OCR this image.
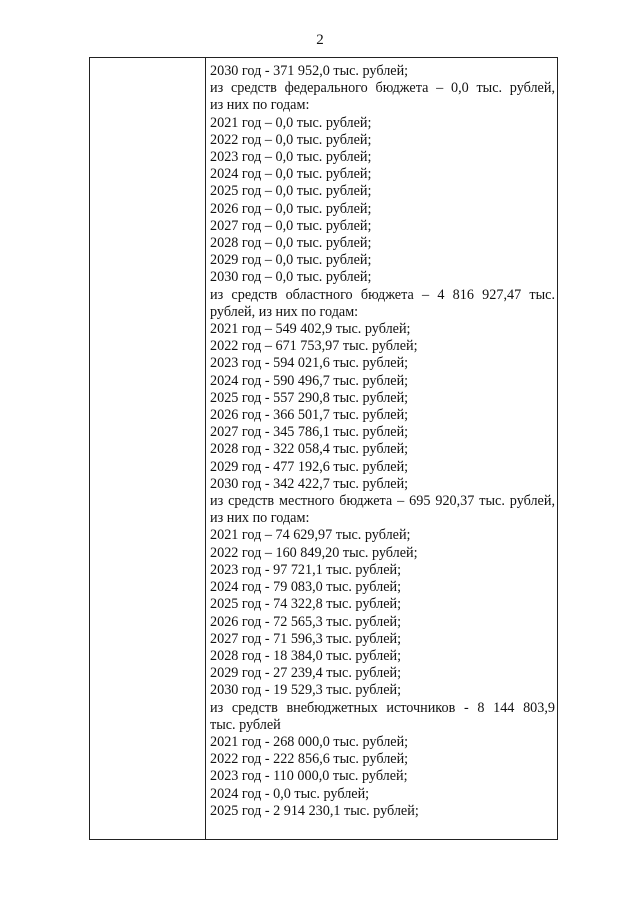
2
2030 год - 371 952,0 тыс. рублей;
из средств федерального бюджета – 0,0 тыс. рублей,
из них по годам:
2021 год – 0,0 тыс. рублей;
2022 год – 0,0 тыс. рублей;
2023 год – 0,0 тыс. рублей;
2024 год – 0,0 тыс. рублей;
2025 год – 0,0 тыс. рублей;
2026 год – 0,0 тыс. рублей;
2027 год – 0,0 тыс. рублей;
2028 год – 0,0 тыс. рублей;
2029 год – 0,0 тыс. рублей;
2030 год – 0,0 тыс. рублей;
из средств областного бюджета – 4 816 927,47 тыс.
рублей, из них по годам:
2021 год – 549 402,9 тыс. рублей;
2022 год – 671 753,97 тыс. рублей;
2023 год - 594 021,6 тыс. рублей;
2024 год - 590 496,7 тыс. рублей;
2025 год - 557 290,8 тыс. рублей;
2026 год - 366 501,7 тыс. рублей;
2027 год - 345 786,1 тыс. рублей;
2028 год - 322 058,4 тыс. рублей;
2029 год - 477 192,6 тыс. рублей;
2030 год - 342 422,7 тыс. рублей;
из средств местного бюджета – 695 920,37 тыс. рублей,
из них по годам:
2021 год – 74 629,97 тыс. рублей;
2022 год – 160 849,20 тыс. рублей;
2023 год - 97 721,1 тыс. рублей;
2024 год - 79 083,0 тыс. рублей;
2025 год - 74 322,8 тыс. рублей;
2026 год - 72 565,3 тыс. рублей;
2027 год - 71 596,3 тыс. рублей;
2028 год - 18 384,0 тыс. рублей;
2029 год - 27 239,4 тыс. рублей;
2030 год - 19 529,3 тыс. рублей;
из средств внебюджетных источников - 8 144 803,9
тыс. рублей
2021 год - 268 000,0 тыс. рублей;
2022 год - 222 856,6 тыс. рублей;
2023 год - 110 000,0 тыс. рублей;
2024 год - 0,0 тыс. рублей;
2025 год - 2 914 230,1 тыс. рублей;
